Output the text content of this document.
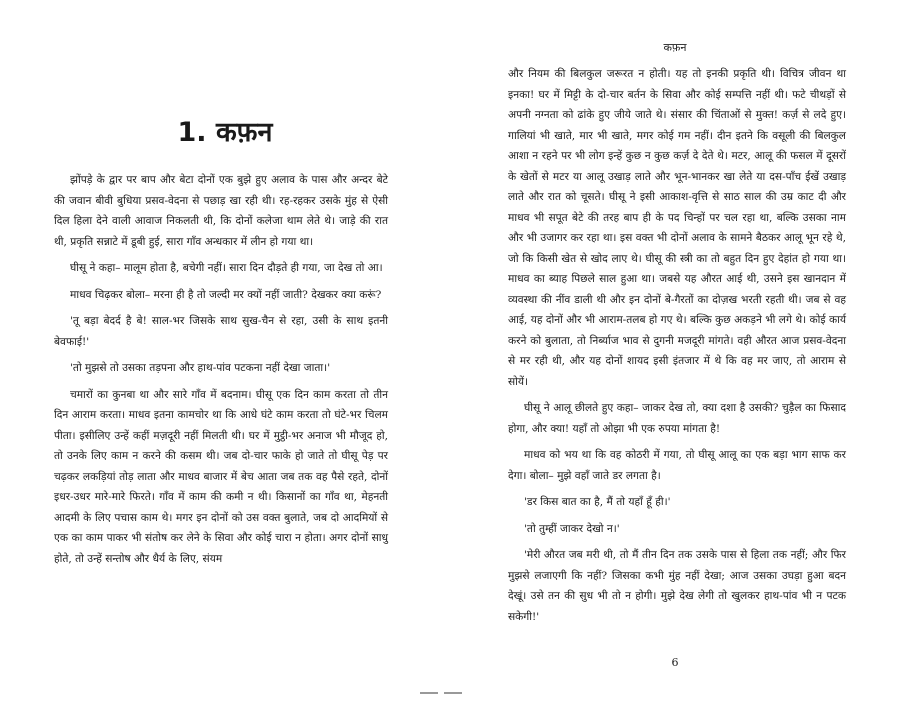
1. कफ़न

झोंपड़े के द्वार पर बाप और बेटा दोनों एक बुझे हुए अलाव के पास और अन्दर बेटे की जवान बीवी बुधिया प्रसव-वेदना से पछाड़ खा रही थी। रह-रहकर उसके मुंह से ऐसी दिल हिला देने वाली आवाज निकलती थी, कि दोनों कलेजा थाम लेते थे। जाड़े की रात थी, प्रकृति सन्नाटे में डूबी हुई, सारा गाँव अन्धकार में लीन हो गया था।

घीसू ने कहा– मालूम होता है, बचेगी नहीं। सारा दिन दौड़ते ही गया, जा देख तो आ।

माधव चिढ़कर बोला– मरना ही है तो जल्दी मर क्यों नहीं जाती? देखकर क्या करूं?

'तू बड़ा बेदर्द है बे! साल-भर जिसके साथ सुख-चैन से रहा, उसी के साथ इतनी बेवफाई!'

'तो मुझसे तो उसका तड़पना और हाथ-पांव पटकना नहीं देखा जाता।'

चमारों का कुनबा था और सारे गाँव में बदनाम। घीसू एक दिन काम करता तो तीन दिन आराम करता। माधव इतना कामचोर था कि आधे घंटे काम करता तो घंटे-भर चिलम पीता। इसीलिए उन्हें कहीं मज़दूरी नहीं मिलती थी। घर में मुट्ठी-भर अनाज भी मौजूद हो, तो उनके लिए काम न करने की कसम थी। जब दो-चार फाके हो जाते तो घीसू पेड़ पर चढ़कर लकड़ियां तोड़ लाता और माधव बाजार में बेच आता जब तक वह पैसे रहते, दोनों इधर-उधर मारे-मारे फिरते। गाँव में काम की कमी न थी। किसानों का गाँव था, मेहनती आदमी के लिए पचास काम थे। मगर इन दोनों को उस वक्त बुलाते, जब दो आदमियों से एक का काम पाकर भी संतोष कर लेने के सिवा और कोई चारा न होता। अगर दोनों साधु होते, तो उन्हें सन्तोष और धैर्य के लिए, संयम

कफ़न

और नियम की बिलकुल जरूरत न होती। यह तो इनकी प्रकृति थी। विचित्र जीवन था इनका! घर में मिट्टी के दो-चार बर्तन के सिवा और कोई सम्पत्ति नहीं थी। फटे चीथड़ों से अपनी नग्नता को ढांके हुए जीये जाते थे। संसार की चिंताओं से मुक्त! कर्ज़ से लदे हुए। गालियां भी खाते, मार भी खाते, मगर कोई गम नहीं। दीन इतने कि वसूली की बिलकुल आशा न रहने पर भी लोग इन्हें कुछ न कुछ कर्ज़ दे देते थे। मटर, आलू की फसल में दूसरों के खेतों से मटर या आलू उखाड़ लाते और भून-भानकर खा लेते या दस-पाँच ईखें उखाड़ लाते और रात को चूसते। घीसू ने इसी आकाश-वृत्ति से साठ साल की उम्र काट दी और माधव भी सपूत बेटे की तरह बाप ही के पद चिन्हों पर चल रहा था, बल्कि उसका नाम और भी उजागर कर रहा था। इस वक्त भी दोनों अलाव के सामने बैठकर आलू भून रहे थे, जो कि किसी खेत से खोद लाए थे। घीसू की स्त्री का तो बहुत दिन हुए देहांत हो गया था। माधव का ब्याह पिछले साल हुआ था। जबसे यह औरत आई थी, उसने इस खानदान में व्यवस्था की नींव डाली थी और इन दोनों बे-गैरतों का दोज़ख भरती रहती थी। जब से वह आई, यह दोनों और भी आराम-तलब हो गए थे। बल्कि कुछ अकड़ने भी लगे थे। कोई कार्य करने को बुलाता, तो निर्ब्याज भाव से दुगनी मजदूरी मांगते। वही औरत आज प्रसव-वेदना से मर रही थी, और यह दोनों शायद इसी इंतजार में थे कि वह मर जाए, तो आराम से सोयें।

घीसू ने आलू छीलते हुए कहा– जाकर देख तो, क्या दशा है उसकी? चुड़ैल का फिसाद होगा, और क्या! यहाँ तो ओझा भी एक रुपया मांगता है!

माधव को भय था कि वह कोठरी में गया, तो घीसू आलू का एक बड़ा भाग साफ कर देगा। बोला– मुझे वहाँ जाते डर लगता है।

'डर किस बात का है, मैं तो यहाँ हूँ ही।'

'तो तुम्हीं जाकर देखो न।'

'मेरी औरत जब मरी थी, तो मैं तीन दिन तक उसके पास से हिला तक नहीं; और फिर मुझसे लजाएगी कि नहीं? जिसका कभी मुंह नहीं देखा; आज उसका उघड़ा हुआ बदन देखूं। उसे तन की सुध भी तो न होगी। मुझे देख लेगी तो खुलकर हाथ-पांव भी न पटक सकेगी!'

6
